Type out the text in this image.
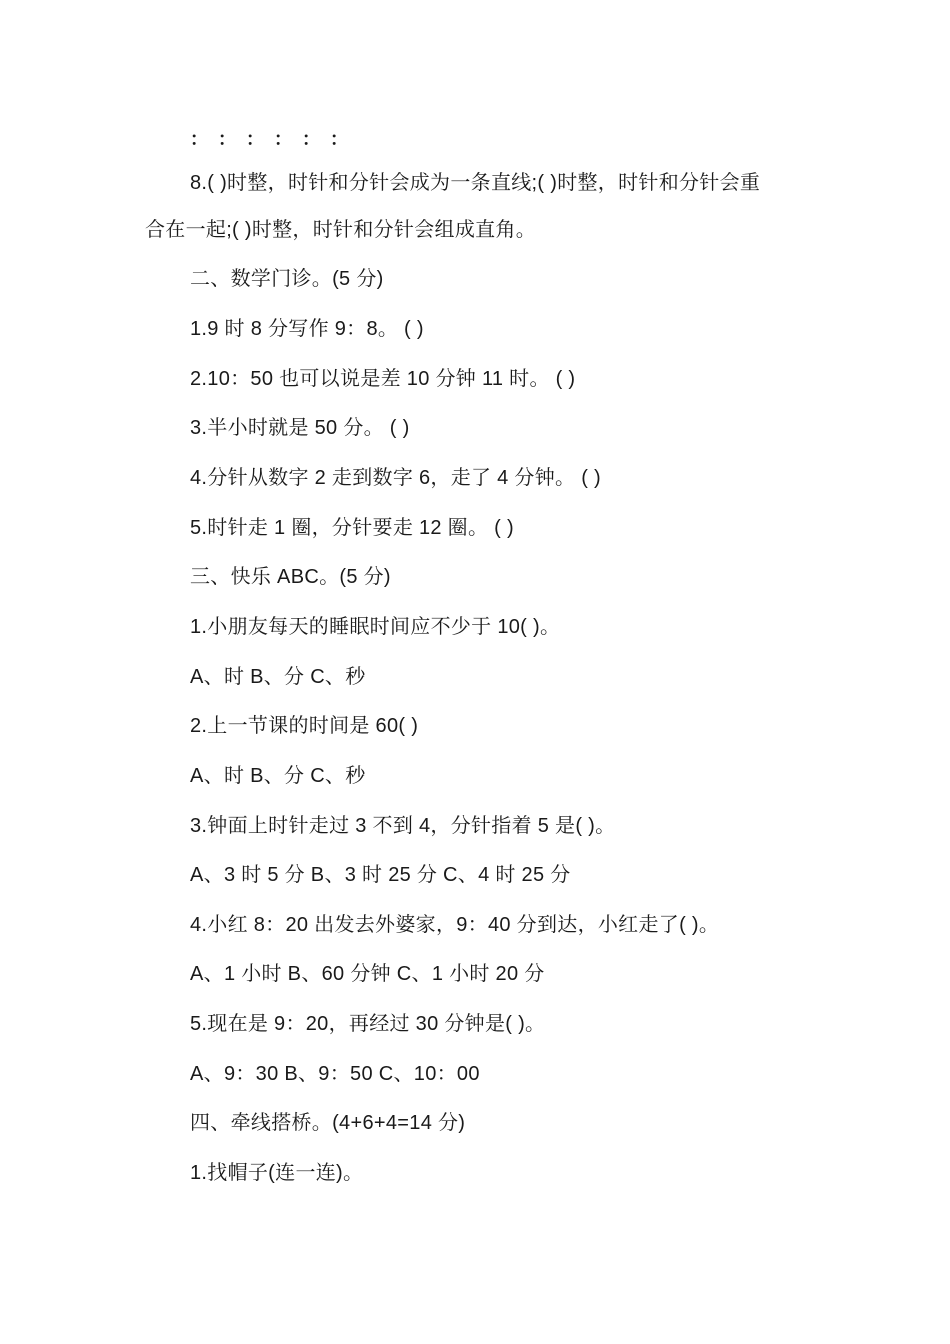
： ： ： ： ： ：
8.( )时整，时针和分针会成为一条直线;( )时整，时针和分针会重
合在一起;( )时整，时针和分针会组成直角。
二、数学门诊。(5 分)
1.9 时 8 分写作 9：8。 ( )
2.10：50 也可以说是差 10 分钟 11 时。 ( )
3.半小时就是 50 分。 ( )
4.分针从数字 2 走到数字 6，走了 4 分钟。 ( )
5.时针走 1 圈，分针要走 12 圈。 ( )
三、快乐 ABC。(5 分)
1.小朋友每天的睡眠时间应不少于 10( )。
A、时 B、分 C、秒
2.上一节课的时间是 60( )
A、时 B、分 C、秒
3.钟面上时针走过 3 不到 4，分针指着 5 是( )。
A、3 时 5 分 B、3 时 25 分 C、4 时 25 分
4.小红 8：20 出发去外婆家，9：40 分到达，小红走了( )。
A、1 小时 B、60 分钟 C、1 小时 20 分
5.现在是 9：20，再经过 30 分钟是( )。
A、9：30 B、9：50 C、10：00
四、牵线搭桥。(4+6+4=14 分)
1.找帽子(连一连)。
